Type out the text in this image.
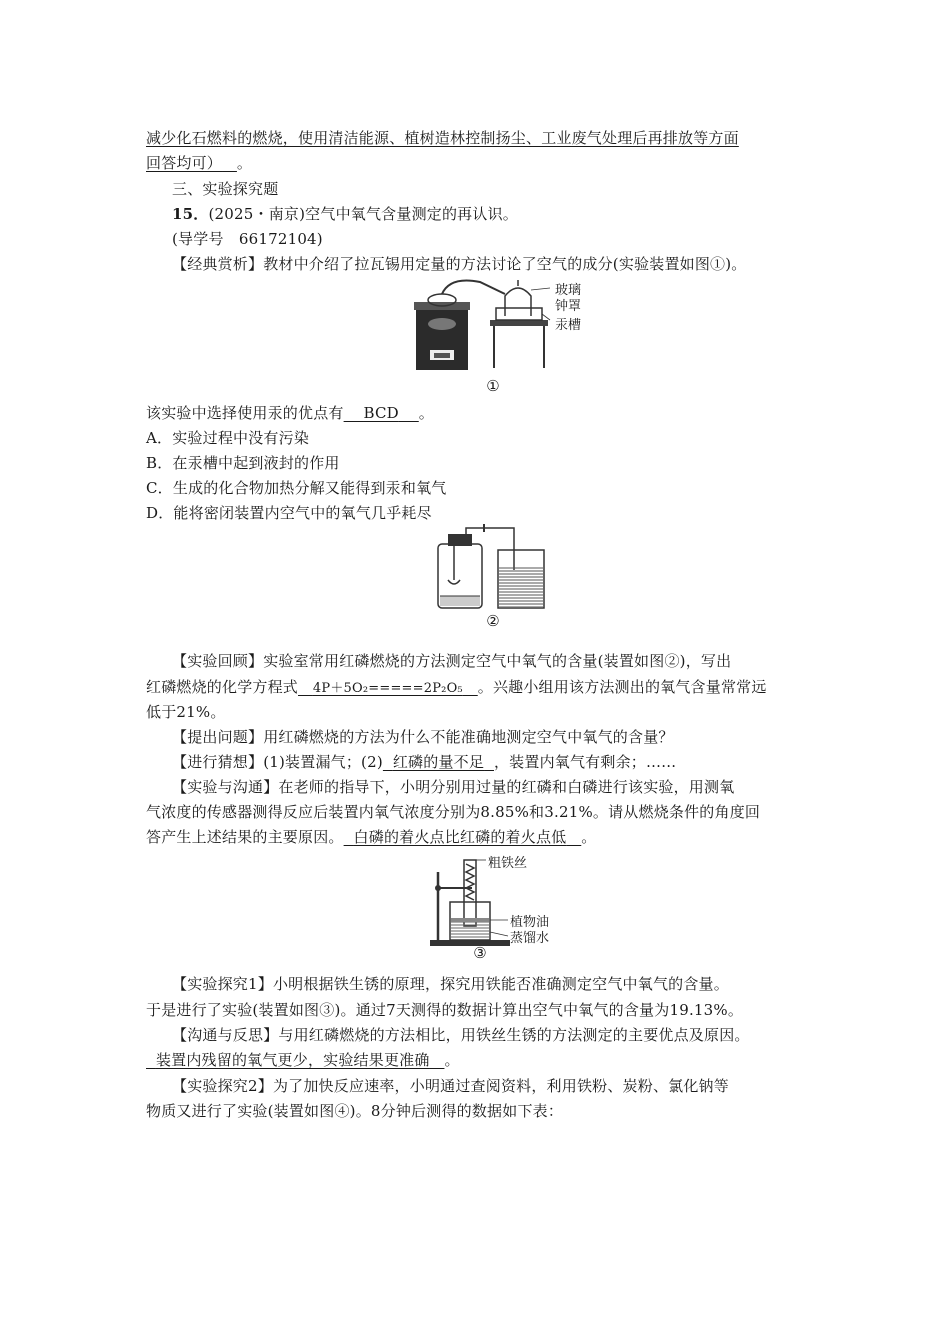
减少化石燃料的燃烧，使用清洁能源、植树造林控制扬尘、工业废气处理后再排放等方面
回答均可） 。
三、实验探究题
15．(2025・南京)空气中氧气含量测定的再认识。
(导学号　66172104)
【经典赏析】教材中介绍了拉瓦锡用定量的方法讨论了空气的成分(实验装置如图①)。
玻璃
钟罩
汞槽
①
该实验中选择使用汞的优点有 BCD 。
A．实验过程中没有污染
B．在汞槽中起到液封的作用
C．生成的化合物加热分解又能得到汞和氧气
D．能将密闭装置内空气中的氧气几乎耗尽
②
【实验回顾】实验室常用红磷燃烧的方法测定空气中氧气的含量(装置如图②)，写出
红磷燃烧的化学方程式 4P＋5O₂=====2P₂O₅ 。兴趣小组用该方法测出的氧气含量常常远
低于21%。
【提出问题】用红磷燃烧的方法为什么不能准确地测定空气中氧气的含量？
【进行猜想】(1)装置漏气；(2) 红磷的量不足 ，装置内氧气有剩余；……
【实验与沟通】在老师的指导下，小明分别用过量的红磷和白磷进行该实验，用测氧
气浓度的传感器测得反应后装置内氧气浓度分别为8.85%和3.21%。请从燃烧条件的角度回
答产生上述结果的主要原因。 白磷的着火点比红磷的着火点低 。
粗铁丝
植物油
蒸馏水
③
【实验探究1】小明根据铁生锈的原理，探究用铁能否准确测定空气中氧气的含量。
于是进行了实验(装置如图③)。通过7天测得的数据计算出空气中氧气的含量为19.13%。
【沟通与反思】与用红磷燃烧的方法相比，用铁丝生锈的方法测定的主要优点及原因。
装置内残留的氧气更少，实验结果更准确 。
【实验探究2】为了加快反应速率，小明通过查阅资料，利用铁粉、炭粉、氯化钠等
物质又进行了实验(装置如图④)。8分钟后测得的数据如下表：
